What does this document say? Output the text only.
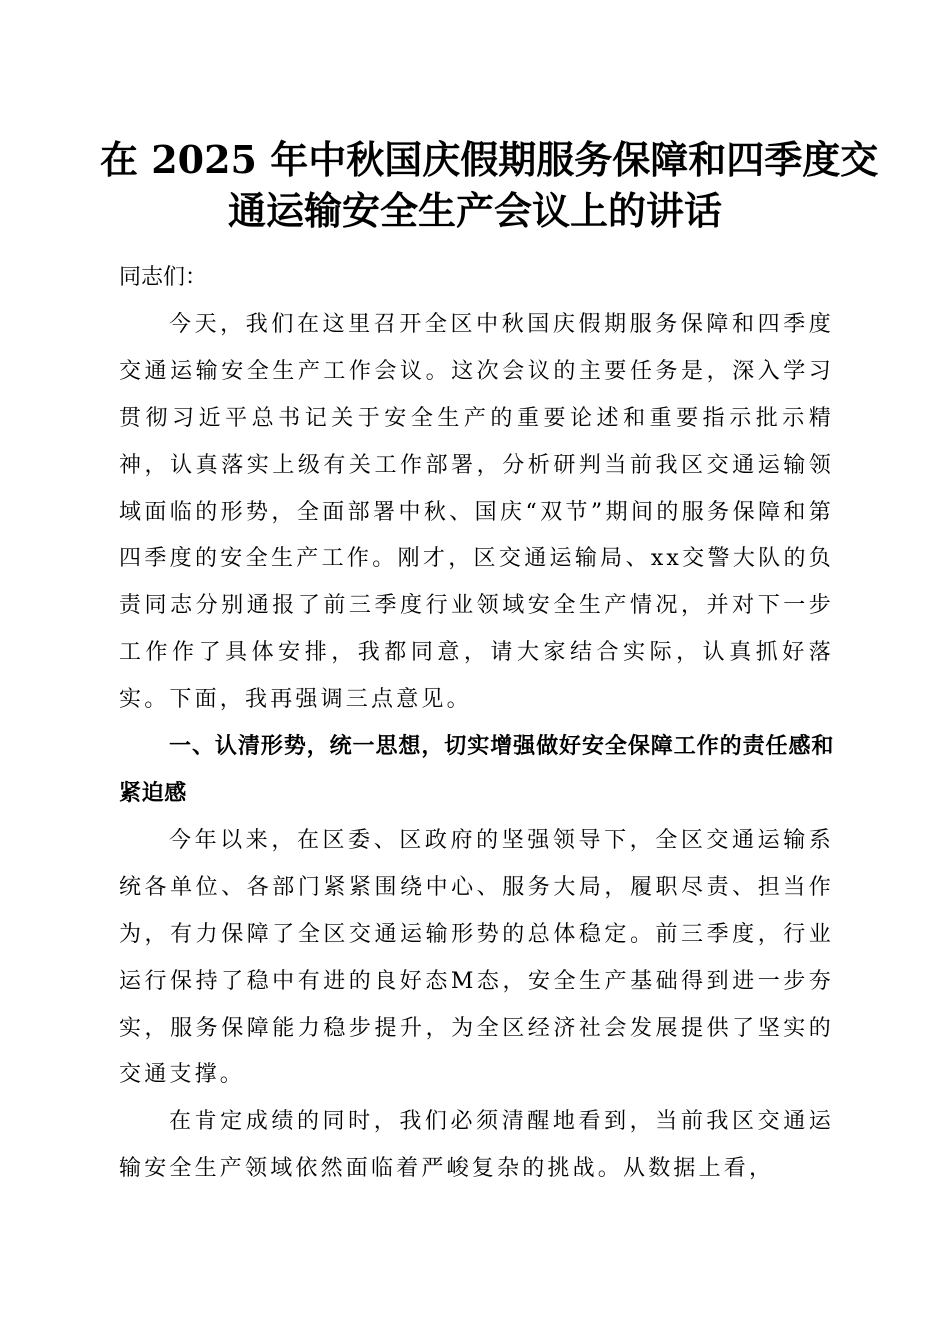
在 2025 年中秋国庆假期服务保障和四季度交
通运输安全生产会议上的讲话

同志们：

今天，我们在这里召开全区中秋国庆假期服务保障和四季度交通运输安全生产工作会议。这次会议的主要任务是，深入学习贯彻习近平总书记关于安全生产的重要论述和重要指示批示精神，认真落实上级有关工作部署，分析研判当前我区交通运输领域面临的形势，全面部署中秋、国庆“双节”期间的服务保障和第四季度的安全生产工作。刚才，区交通运输局、xx交警大队的负责同志分别通报了前三季度行业领域安全生产情况，并对下一步工作作了具体安排，我都同意，请大家结合实际，认真抓好落实。下面，我再强调三点意见。

一、认清形势，统一思想，切实增强做好安全保障工作的责任感和紧迫感

今年以来，在区委、区政府的坚强领导下，全区交通运输系统各单位、各部门紧紧围绕中心、服务大局，履职尽责、担当作为，有力保障了全区交通运输形势的总体稳定。前三季度，行业运行保持了稳中有进的良好态M态，安全生产基础得到进一步夯实，服务保障能力稳步提升，为全区经济社会发展提供了坚实的交通支撑。

在肯定成绩的同时，我们必须清醒地看到，当前我区交通运输安全生产领域依然面临着严峻复杂的挑战。从数据上看，
